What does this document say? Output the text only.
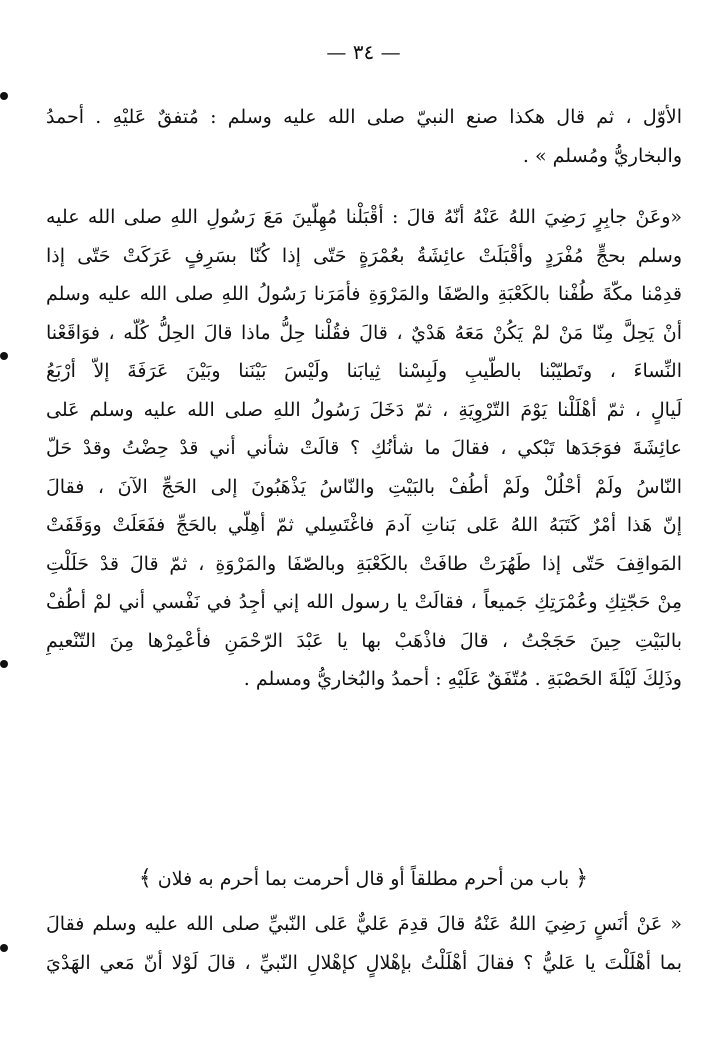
— ٣٤ —
الأوّل ، ثم قال هكذا صنع النبيّ صلى الله عليه وسلم : مُتفقٌ عَليْهِ . أحمدُ
والبخاريُّ ومُسلم » .
«وعَنْ جابِرٍ رَضِيَ اللهُ عَنْهُ أنّهُ قالَ : أقْبَلْنا مُهِلّينَ مَعَ رَسُولِ اللهِ صلى الله عليه
وسلم بحجٍّ مُفْرَدٍ وأقْبَلَتْ عائِشَةُ بعُمْرَةٍ حَتّى إذا كُنّا بسَرِفٍ عَرَكَتْ حَتّى إذا
قدِمْنا مكّةَ طُفْنا بالكَعْبَةِ والصّفَا والمَرْوَةِ فأمَرَنا رَسُولُ اللهِ صلى الله عليه وسلم
أنْ يَحِلَّ مِنّا مَنْ لمْ يَكُنْ مَعَهُ هَدْيٌ ، قالَ فقُلْنا حِلُّ ماذا قالَ الحِلُّ كُلّه ، فوَاقَعْنا
النِّساءَ ، وتَطيّبْنا بالطّيبِ ولَبِسْنا ثِيابَنا ولَيْسَ بَيْنَنا وبَيْنَ عَرَفَةَ إلاّ أرْبَعُ
لَيالٍ ، ثمّ أهْلَلْنا يَوْمَ التّرْوِيَةِ ، ثمّ دَخَلَ رَسُولُ اللهِ صلى الله عليه وسلم عَلى
عائِشَةَ فوَجَدَها تَبْكي ، فقالَ ما شأنُكِ ؟ قالَتْ شأني أني قدْ حِضْتُ وقدْ حَلّ
النّاسُ ولَمْ أحْلُلْ ولَمْ أطُفْ بالبَيْتِ والنّاسُ يَذْهَبُونَ إلى الحَجِّ الآنَ ، فقالَ
إنّ هَذا أمْرٌ كَتَبَهُ اللهُ عَلى بَناتِ آدمَ فاغْتَسِلي ثمّ أهِلّي بالحَجِّ ففَعَلَتْ ووَقَفَتْ
المَواقِفَ حَتّى إذا طَهُرَتْ طافَتْ بالكَعْبَةِ وبالصّفَا والمَرْوَةِ ، ثمّ قالَ قدْ حَلَلْتِ
مِنْ حَجّتِكِ وعُمْرَتِكِ جَميعاً ، فقالَتْ يا رسول الله إني أجِدُ في نَفْسي أني لمْ أطُفْ
بالبَيْتِ حِينَ حَجَجْتُ ، قالَ فاذْهَبْ بها يا عَبْدَ الرّحْمَنِ فأعْمِرْها مِنَ التّنْعيمِ
وذَلِكَ لَيْلَةَ الحَصْبَةِ . مُتّفَقٌ عَلَيْهِ : أحمدُ والبُخاريُّ ومسلم .
﴿ باب من أحرم مطلقاً أو قال أحرمت بما أحرم به فلان ﴾
« عَنْ أنَسٍ رَضِيَ اللهُ عَنْهُ قالَ قدِمَ عَليٌّ عَلى النّبيِّ صلى الله عليه وسلم فقالَ
بما أهْلَلْتَ يا عَليُّ ؟ فقالَ أهْلَلْتُ بإهْلالٍ كإهْلالِ النّبيِّ ، قالَ لَوْلا أنّ مَعي الهَدْيَ
